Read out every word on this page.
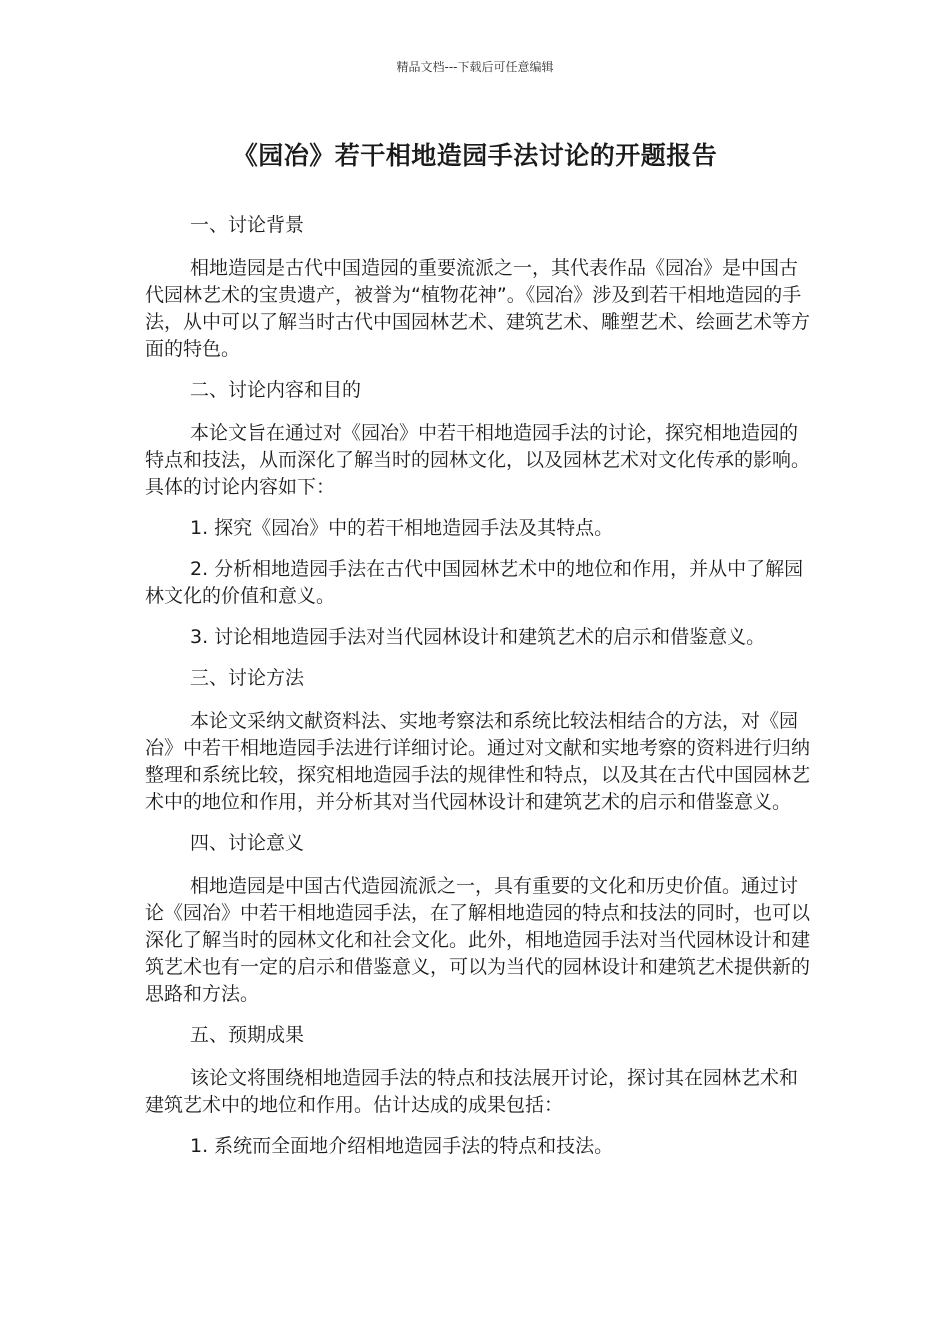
精品文档---下载后可任意编辑
《园冶》若干相地造园手法讨论的开题报告

一、讨论背景

相地造园是古代中国造园的重要流派之一，其代表作品《园冶》是中国古代园林艺术的宝贵遗产，被誉为“植物花神”。《园冶》涉及到若干相地造园的手法，从中可以了解当时古代中国园林艺术、建筑艺术、雕塑艺术、绘画艺术等方面的特色。

二、讨论内容和目的

本论文旨在通过对《园冶》中若干相地造园手法的讨论，探究相地造园的特点和技法，从而深化了解当时的园林文化，以及园林艺术对文化传承的影响。具体的讨论内容如下：

1. 探究《园冶》中的若干相地造园手法及其特点。

2. 分析相地造园手法在古代中国园林艺术中的地位和作用，并从中了解园林文化的价值和意义。

3. 讨论相地造园手法对当代园林设计和建筑艺术的启示和借鉴意义。

三、讨论方法

本论文采纳文献资料法、实地考察法和系统比较法相结合的方法，对《园冶》中若干相地造园手法进行详细讨论。通过对文献和实地考察的资料进行归纳整理和系统比较，探究相地造园手法的规律性和特点，以及其在古代中国园林艺术中的地位和作用，并分析其对当代园林设计和建筑艺术的启示和借鉴意义。

四、讨论意义

相地造园是中国古代造园流派之一，具有重要的文化和历史价值。通过讨论《园冶》中若干相地造园手法，在了解相地造园的特点和技法的同时，也可以深化了解当时的园林文化和社会文化。此外，相地造园手法对当代园林设计和建筑艺术也有一定的启示和借鉴意义，可以为当代的园林设计和建筑艺术提供新的思路和方法。

五、预期成果

该论文将围绕相地造园手法的特点和技法展开讨论，探讨其在园林艺术和建筑艺术中的地位和作用。估计达成的成果包括：

1. 系统而全面地介绍相地造园手法的特点和技法。
